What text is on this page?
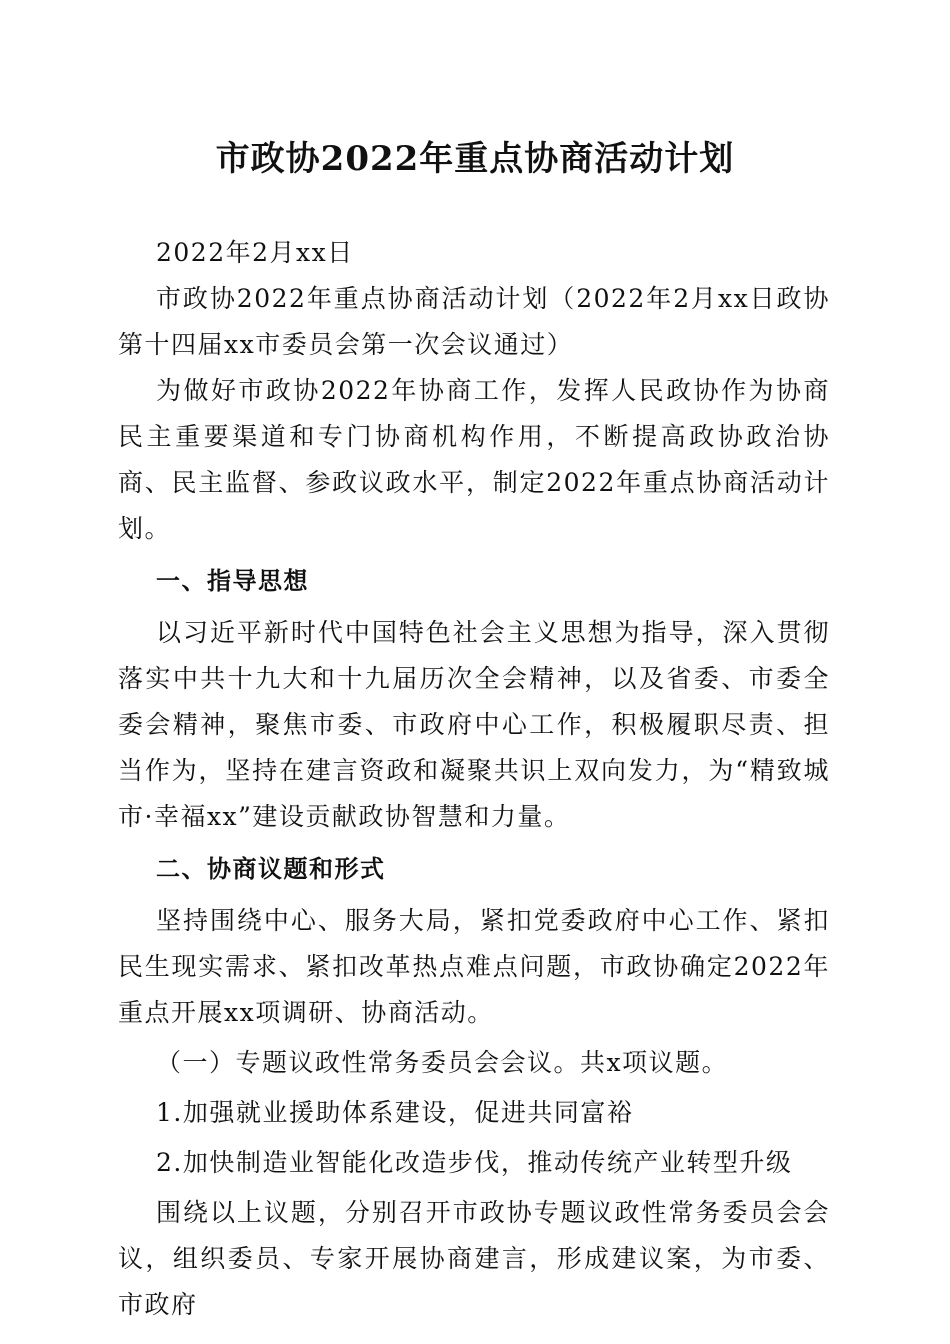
市政协2022年重点协商活动计划

2022年2月xx日

市政协2022年重点协商活动计划（2022年2月xx日政协第十四届xx市委员会第一次会议通过）

为做好市政协2022年协商工作，发挥人民政协作为协商民主重要渠道和专门协商机构作用，不断提高政协政治协商、民主监督、参政议政水平，制定2022年重点协商活动计划。

一、指导思想

以习近平新时代中国特色社会主义思想为指导，深入贯彻落实中共十九大和十九届历次全会精神，以及省委、市委全委会精神，聚焦市委、市政府中心工作，积极履职尽责、担当作为，坚持在建言资政和凝聚共识上双向发力，为“精致城市·幸福xx”建设贡献政协智慧和力量。

二、协商议题和形式

坚持围绕中心、服务大局，紧扣党委政府中心工作、紧扣民生现实需求、紧扣改革热点难点问题，市政协确定2022年重点开展xx项调研、协商活动。

（一）专题议政性常务委员会会议。共x项议题。

1.加强就业援助体系建设，促进共同富裕

2.加快制造业智能化改造步伐，推动传统产业转型升级

围绕以上议题，分别召开市政协专题议政性常务委员会会议，组织委员、专家开展协商建言，形成建议案，为市委、市政府
